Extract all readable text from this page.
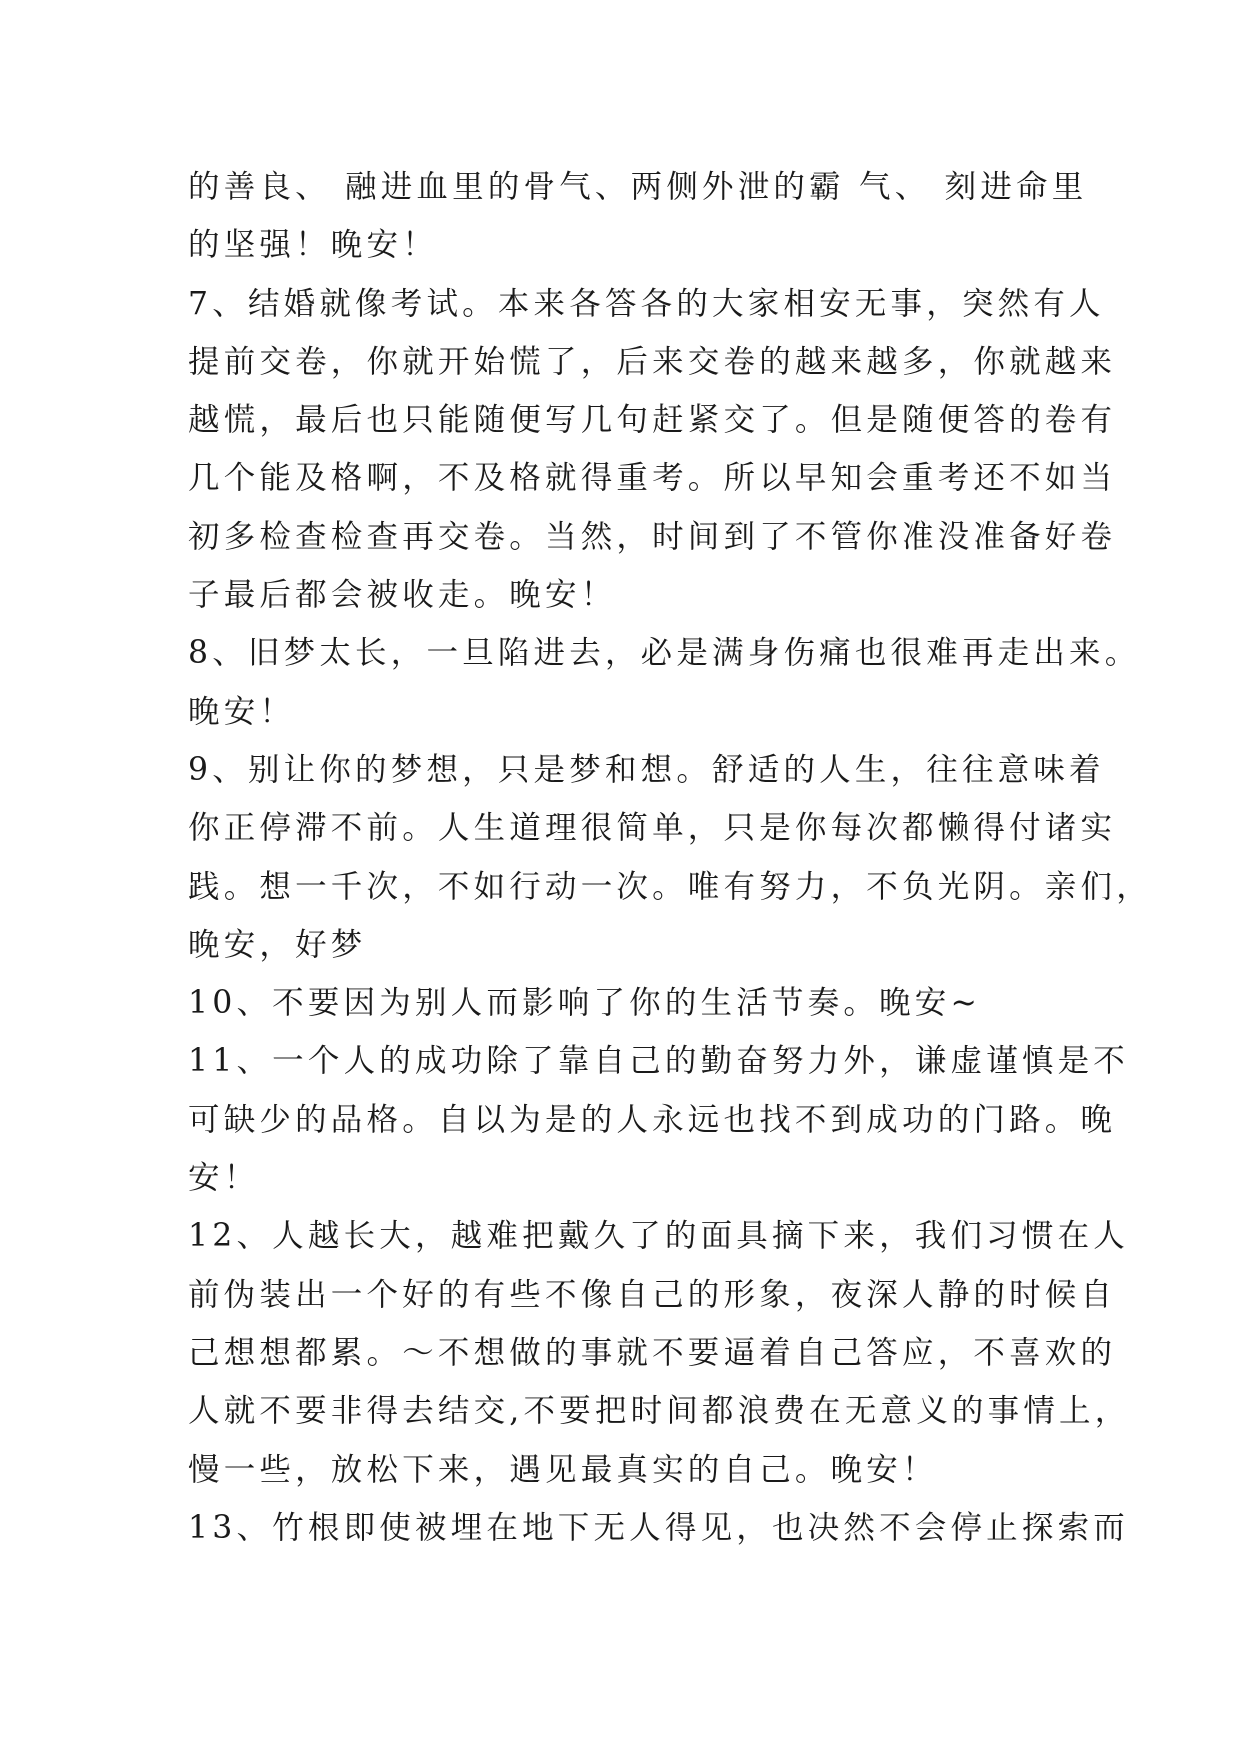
的善良、 融进血里的骨气、两侧外泄的霸 气、 刻进命里
的坚强！晚安！
7、结婚就像考试。本来各答各的大家相安无事，突然有人
提前交卷，你就开始慌了，后来交卷的越来越多，你就越来
越慌，最后也只能随便写几句赶紧交了。但是随便答的卷有
几个能及格啊，不及格就得重考。所以早知会重考还不如当
初多检查检查再交卷。当然，时间到了不管你准没准备好卷
子最后都会被收走。晚安！
8、旧梦太长，一旦陷进去，必是满身伤痛也很难再走出来。
晚安！
9、别让你的梦想，只是梦和想。舒适的人生，往往意味着
你正停滞不前。人生道理很简单，只是你每次都懒得付诸实
践。想一千次，不如行动一次。唯有努力，不负光阴。亲们，
晚安，好梦
10、不要因为别人而影响了你的生活节奏。晚安~
11、一个人的成功除了靠自己的勤奋努力外，谦虚谨慎是不
可缺少的品格。自以为是的人永远也找不到成功的门路。晚
安！
12、人越长大，越难把戴久了的面具摘下来，我们习惯在人
前伪装出一个好的有些不像自己的形象，夜深人静的时候自
己想想都累。～不想做的事就不要逼着自己答应，不喜欢的
人就不要非得去结交,不要把时间都浪费在无意义的事情上，
慢一些，放松下来，遇见最真实的自己。晚安！
13、竹根即使被埋在地下无人得见，也决然不会停止探索而
